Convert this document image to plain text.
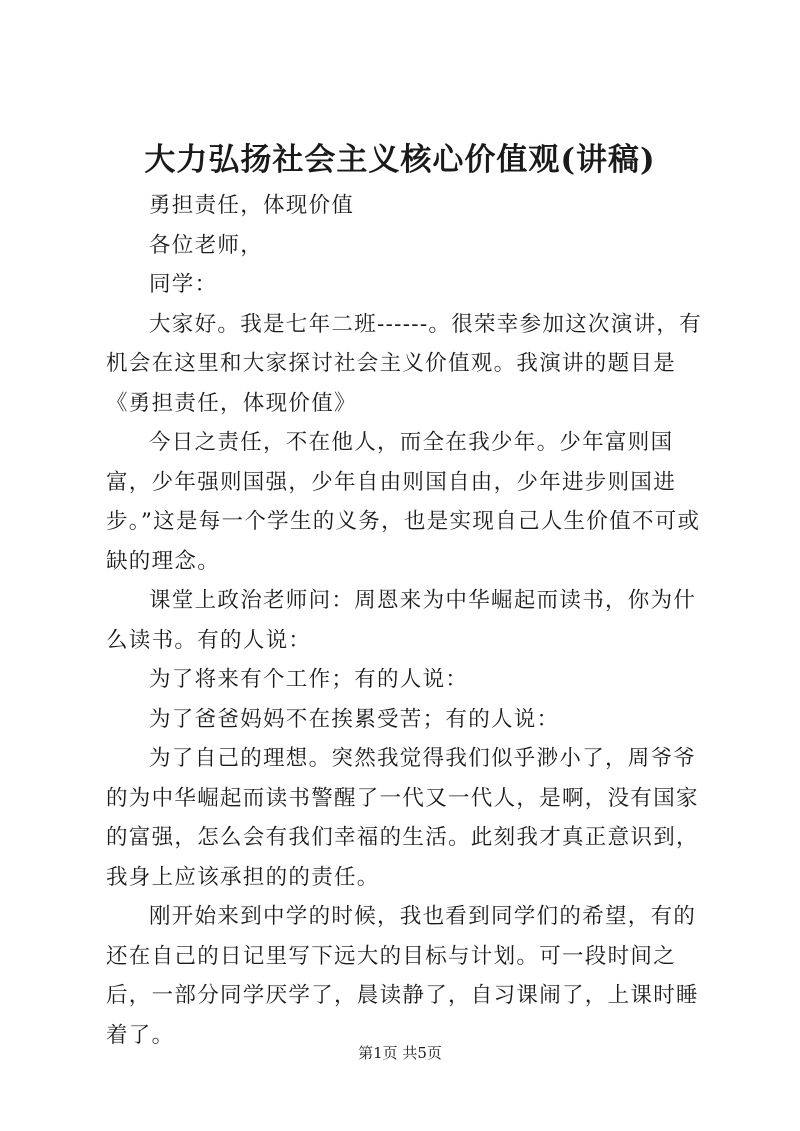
大力弘扬社会主义核心价值观(讲稿)

勇担责任，体现价值

各位老师，

同学：

大家好。我是七年二班------。很荣幸参加这次演讲，有机会在这里和大家探讨社会主义价值观。我演讲的题目是《勇担责任，体现价值》

今日之责任，不在他人，而全在我少年。少年富则国富，少年强则国强，少年自由则国自由，少年进步则国进步。”这是每一个学生的义务，也是实现自己人生价值不可或缺的理念。

课堂上政治老师问：周恩来为中华崛起而读书，你为什么读书。有的人说：

为了将来有个工作；有的人说：

为了爸爸妈妈不在挨累受苦；有的人说：

为了自己的理想。突然我觉得我们似乎渺小了，周爷爷的为中华崛起而读书警醒了一代又一代人，是啊，没有国家的富强，怎么会有我们幸福的生活。此刻我才真正意识到，我身上应该承担的的责任。

刚开始来到中学的时候，我也看到同学们的希望，有的还在自己的日记里写下远大的目标与计划。可一段时间之后，一部分同学厌学了，晨读静了，自习课闹了，上课时睡着了。

第1页 共5页
